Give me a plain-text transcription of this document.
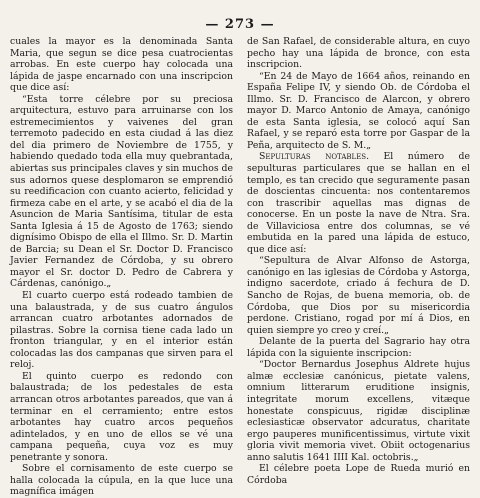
— 273 —

cuales la mayor es la denominada Santa Maria, que segun se dice pesa cuatrocientas arrobas. En este cuerpo hay colocada una lápida de jaspe encarnado con una inscripcion que dice así:

“Esta torre célebre por su preciosa arquitectura, estuvo para arruinarse con los estremecimientos y vaivenes del gran terremoto padecido en esta ciudad á las diez del dia primero de Noviembre de 1755, y habiendo quedado toda ella muy quebrantada, abiertas sus principales claves y sin muchos de sus adornos quese desplomaron se emprendió su reedificacion con cuanto acierto, felicidad y firmeza cabe en el arte, y se acabó el dia de la Asuncion de Maria Santísima, titular de esta Santa Iglesia á 15 de Agosto de 1763; siendo dignísimo Obispo de ella el Illmo. Sr. D. Martin de Barcia; su Dean el Sr. Doctor D. Francisco Javier Fernandez de Córdoba, y su obrero mayor el Sr. doctor D. Pedro de Cabrera y Cárdenas, canónigo.„

El cuarto cuerpo está rodeado tambien de una balaustrada, y de sus cuatro ángulos arrancan cuatro arbotantes adornados de pilastras. Sobre la cornisa tiene cada lado un fronton triangular, y en el interior están colocadas las dos campanas que sirven para el reloj.

El quinto cuerpo es redondo con balaustrada; de los pedestales de esta arrancan otros arbotantes pareados, que van á terminar en el cerramiento; entre estos arbotantes hay cuatro arcos pequeños adintelados, y en uno de ellos se vé una campana pequeña, cuya voz es muy penetrante y sonora.

Sobre el cornisamento de este cuerpo se halla colocada la cúpula, en la que luce una magnífica imágen

de San Rafael, de considerable altura, en cuyo pecho hay una lápida de bronce, con esta inscripcion.

“En 24 de Mayo de 1664 años, reinando en España Felipe IV, y siendo Ob. de Córdoba el Illmo. Sr. D. Francisco de Alarcon, y obrero mayor D. Marco Antonio de Amaya, canónigo de esta Santa iglesia, se colocó aquí San Rafael, y se reparó esta torre por Gaspar de la Peña, arquitecto de S. M.„

Sepulturas notables. El número de sepulturas particulares que se hallan en el templo, es tan crecido que seguramente pasan de doscientas cincuenta: nos contentaremos con trascribir aquellas mas dignas de conocerse. En un poste la nave de Ntra. Sra. de Villaviciosa entre dos columnas, se vé embutida en la pared una lápida de estuco, que dice así:

“Sepultura de Alvar Alfonso de Astorga, canónigo en las iglesias de Córdoba y Astorga, indigno sacerdote, criado á fechura de D. Sancho de Rojas, de buena memoria, ob. de Córdoba, que Dios por su misericordia perdone. Cristiano, rogad por mí á Dios, en quien siempre yo creo y creí.„

Delante de la puerta del Sagrario hay otra lápida con la siguiente inscripcion:

“Doctor Bernardus Josephus Aldrete hujus almæ ecclesiæ canónicus, pietate valens, omnium litterarum eruditione insignis, integritate morum excellens, vitæque honestate conspicuus, rigidæ disciplinæ eclesiasticæ observator adcuratus, charitate ergo pauperes munificentissimus, virtute vixit gloria vivit memoria vivet. Obiit octogenarius anno salutis 1641 IIII Kal. octobris.„

El célebre poeta Lope de Rueda murió en Córdoba
